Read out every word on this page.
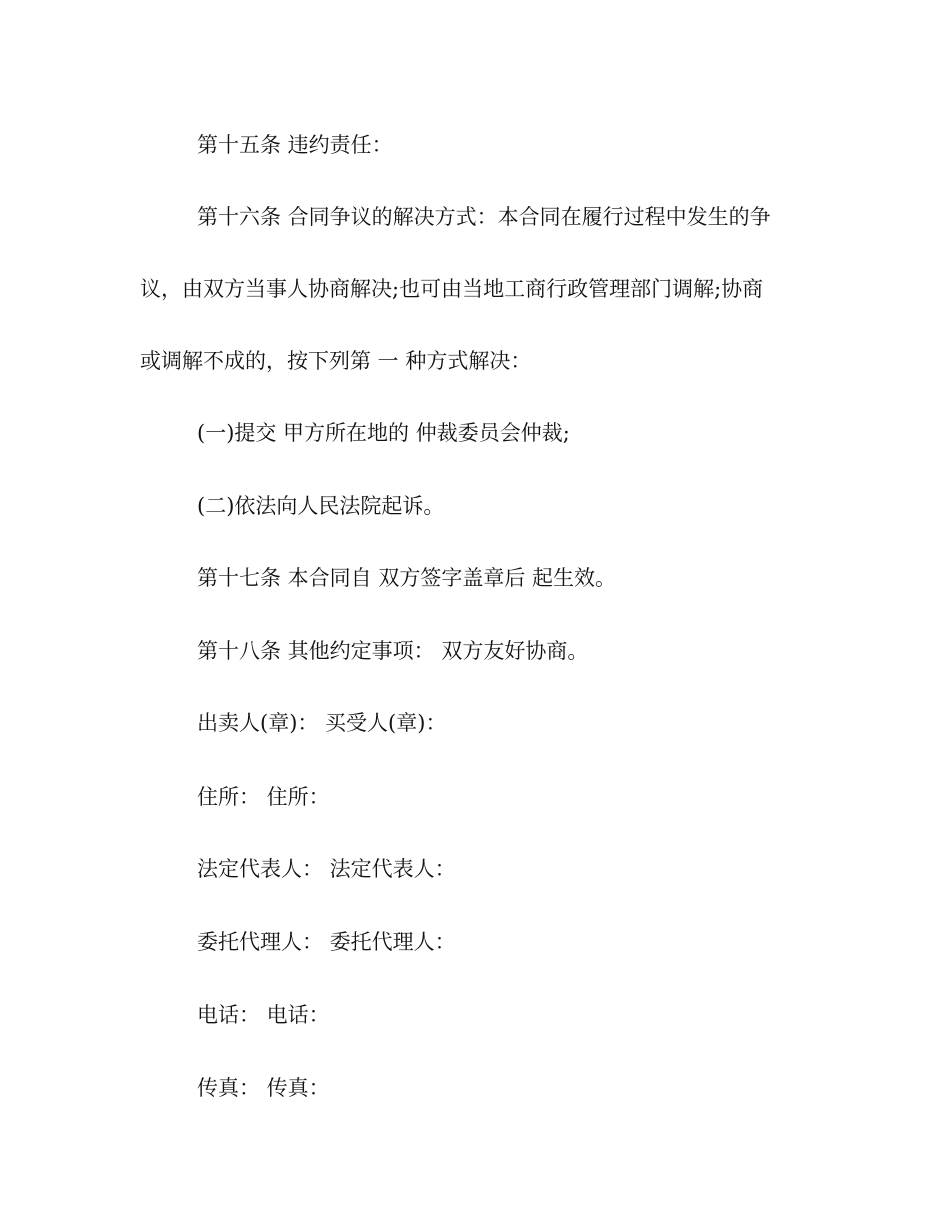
第十五条 违约责任：
第十六条 合同争议的解决方式：本合同在履行过程中发生的争
议，由双方当事人协商解决;也可由当地工商行政管理部门调解;协商
或调解不成的，按下列第 一 种方式解决：
(一)提交 甲方所在地的 仲裁委员会仲裁;
(二)依法向人民法院起诉。
第十七条 本合同自 双方签字盖章后 起生效。
第十八条 其他约定事项： 双方友好协商。
出卖人(章)： 买受人(章)：
住所： 住所：
法定代表人： 法定代表人：
委托代理人： 委托代理人：
电话： 电话：
传真： 传真：
